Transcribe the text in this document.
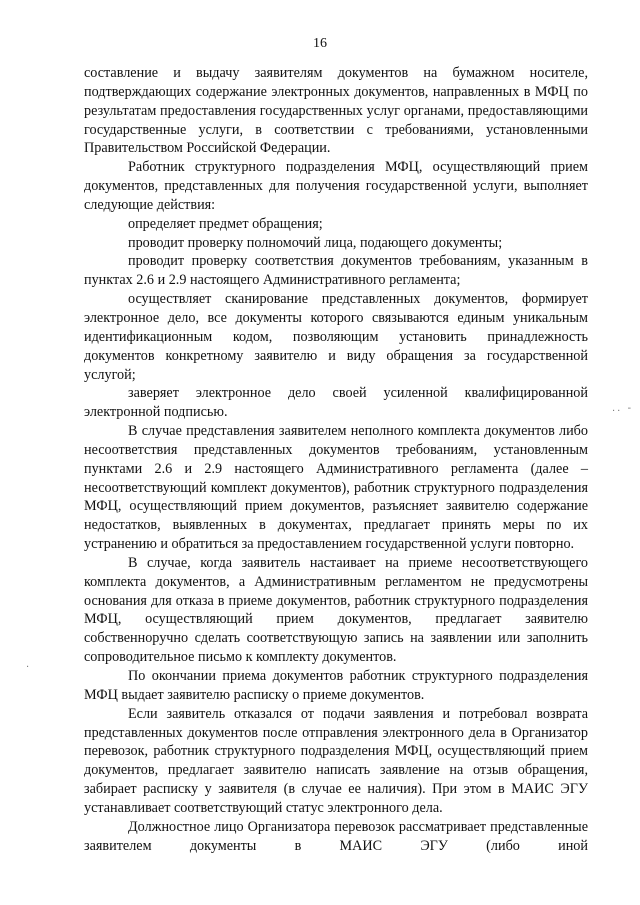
16

составление и выдачу заявителям документов на бумажном носителе, подтверждающих содержание электронных документов, направленных в МФЦ по результатам предоставления государственных услуг органами, предоставляющими государственные услуги, в соответствии с требованиями, установленными Правительством Российской Федерации.

Работник структурного подразделения МФЦ, осуществляющий прием документов, представленных для получения государственной услуги, выполняет следующие действия:

определяет предмет обращения;

проводит проверку полномочий лица, подающего документы;

проводит проверку соответствия документов требованиям, указанным в пунктах 2.6 и 2.9 настоящего Административного регламента;

осуществляет сканирование представленных документов, формирует электронное дело, все документы которого связываются единым уникальным идентификационным кодом, позволяющим установить принадлежность документов конкретному заявителю и виду обращения за государственной услугой;

заверяет электронное дело своей усиленной квалифицированной электронной подписью.

В случае представления заявителем неполного комплекта документов либо несоответствия представленных документов требованиям, установленным пунктами 2.6 и 2.9 настоящего Административного регламента (далее – несоответствующий комплект документов), работник структурного подразделения МФЦ, осуществляющий прием документов, разъясняет заявителю содержание недостатков, выявленных в документах, предлагает принять меры по их устранению и обратиться за предоставлением государственной услуги повторно.

В случае, когда заявитель настаивает на приеме несоответствующего комплекта документов, а Административным регламентом не предусмотрены основания для отказа в приеме документов, работник структурного подразделения МФЦ, осуществляющий прием документов, предлагает заявителю собственноручно сделать соответствующую запись на заявлении или заполнить сопроводительное письмо к комплекту документов.

По окончании приема документов работник структурного подразделения МФЦ выдает заявителю расписку о приеме документов.

Если заявитель отказался от подачи заявления и потребовал возврата представленных документов после отправления электронного дела в Организатор перевозок, работник структурного подразделения МФЦ, осуществляющий прием документов, предлагает заявителю написать заявление на отзыв обращения, забирает расписку у заявителя (в случае ее наличия). При этом в МАИС ЭГУ устанавливает соответствующий статус электронного дела.

Должностное лицо Организатора перевозок рассматривает представленные заявителем документы в МАИС ЭГУ (либо иной

.. -
.
